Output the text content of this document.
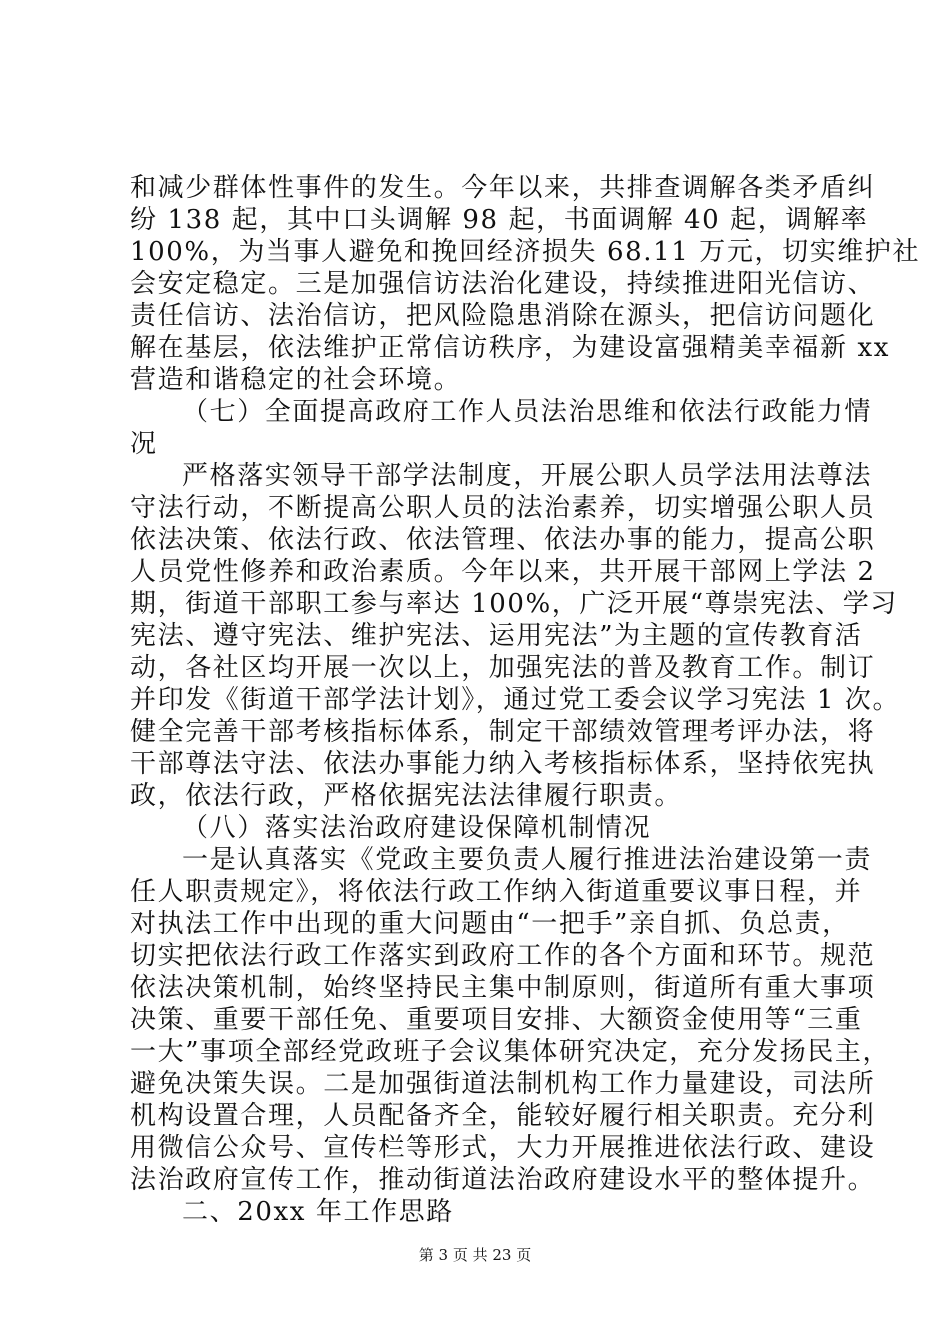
和减少群体性事件的发生。今年以来，共排查调解各类矛盾纠
纷 138 起，其中口头调解 98 起，书面调解 40 起，调解率
100%，为当事人避免和挽回经济损失 68.11 万元，切实维护社
会安定稳定。三是加强信访法治化建设，持续推进阳光信访、
责任信访、法治信访，把风险隐患消除在源头，把信访问题化
解在基层，依法维护正常信访秩序，为建设富强精美幸福新 xx
营造和谐稳定的社会环境。
（七）全面提高政府工作人员法治思维和依法行政能力情
况
严格落实领导干部学法制度，开展公职人员学法用法尊法
守法行动，不断提高公职人员的法治素养，切实增强公职人员
依法决策、依法行政、依法管理、依法办事的能力，提高公职
人员党性修养和政治素质。今年以来，共开展干部网上学法 2
期，街道干部职工参与率达 100%，广泛开展“尊崇宪法、学习
宪法、遵守宪法、维护宪法、运用宪法”为主题的宣传教育活
动，各社区均开展一次以上，加强宪法的普及教育工作。制订
并印发《街道干部学法计划》，通过党工委会议学习宪法 1 次。
健全完善干部考核指标体系，制定干部绩效管理考评办法，将
干部尊法守法、依法办事能力纳入考核指标体系，坚持依宪执
政，依法行政，严格依据宪法法律履行职责。
（八）落实法治政府建设保障机制情况
一是认真落实《党政主要负责人履行推进法治建设第一责
任人职责规定》，将依法行政工作纳入街道重要议事日程，并
对执法工作中出现的重大问题由“一把手”亲自抓、负总责，
切实把依法行政工作落实到政府工作的各个方面和环节。规范
依法决策机制，始终坚持民主集中制原则，街道所有重大事项
决策、重要干部任免、重要项目安排、大额资金使用等“三重
一大”事项全部经党政班子会议集体研究决定，充分发扬民主，
避免决策失误。二是加强街道法制机构工作力量建设，司法所
机构设置合理，人员配备齐全，能较好履行相关职责。充分利
用微信公众号、宣传栏等形式，大力开展推进依法行政、建设
法治政府宣传工作，推动街道法治政府建设水平的整体提升。
二、20xx 年工作思路
第 3 页 共 23 页
